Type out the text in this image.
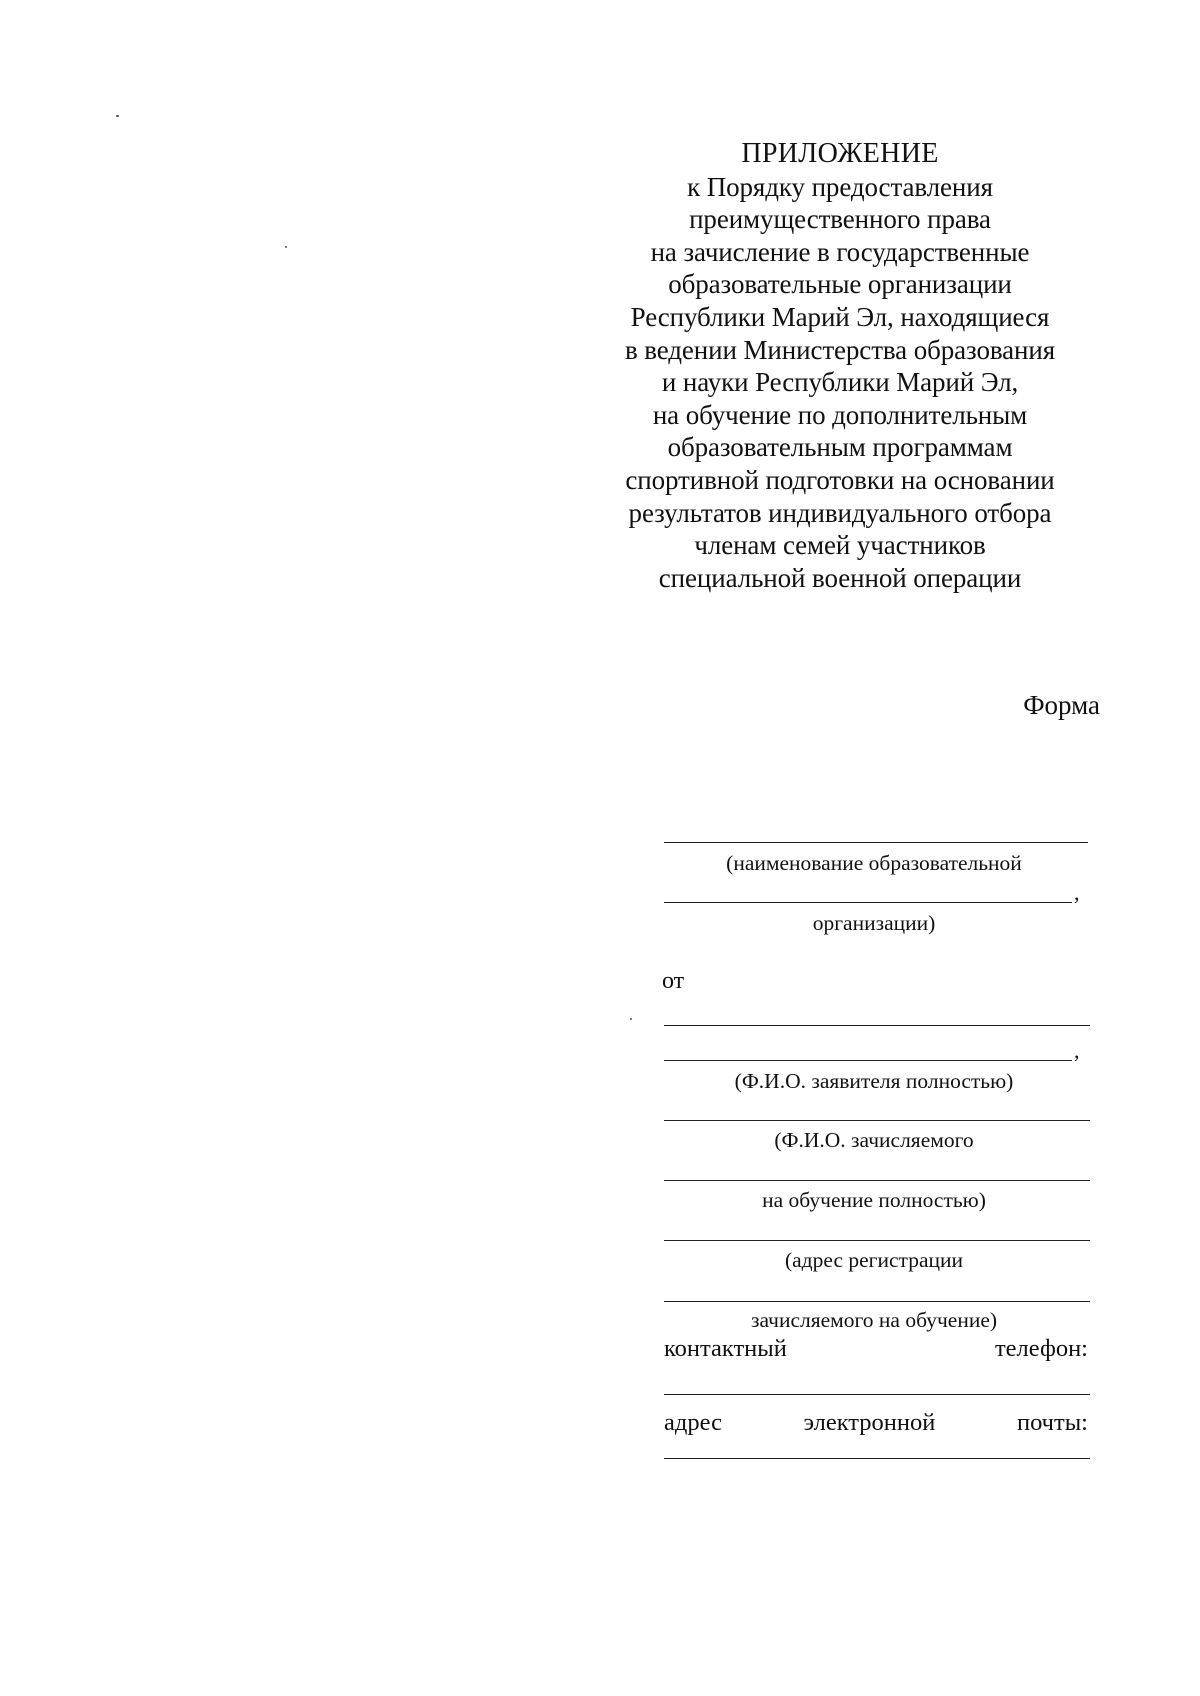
ПРИЛОЖЕНИЕ
к Порядку предоставления
преимущественного права
на зачисление в государственные
образовательные организации
Республики Марий Эл, находящиеся
в ведении Министерства образования
и науки Республики Марий Эл,
на обучение по дополнительным
образовательным программам
спортивной подготовки на основании
результатов индивидуального отбора
членам семей участников
специальной военной операции
Форма
(наименование образовательной
,
организации)
от
,
(Ф.И.О. заявителя полностью)
(Ф.И.О. зачисляемого
на обучение полностью)
(адрес регистрации
зачисляемого на обучение)
контактный	телефон:
адрес	электронной	почты:
